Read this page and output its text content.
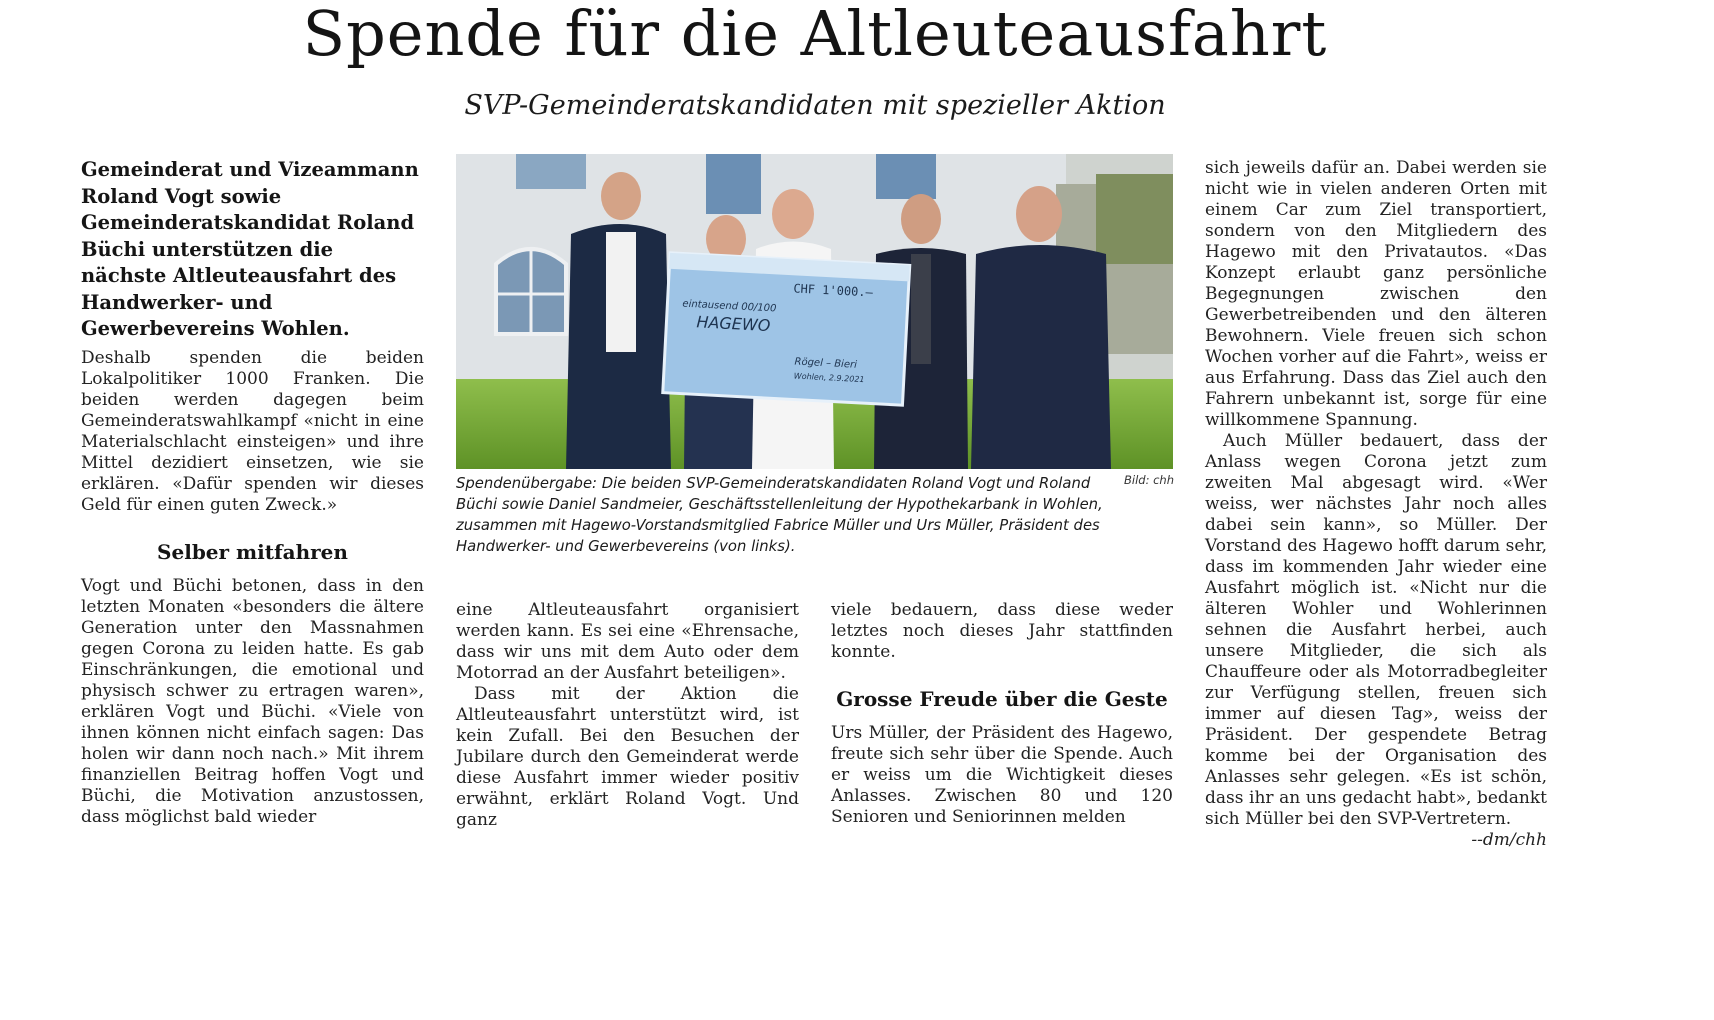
Spende für die Altleuteausfahrt
SVP-Gemeinderatskandidaten mit spezieller Aktion

Gemeinderat und Vizeammann Roland Vogt sowie Gemeinderatskandidat Roland Büchi unterstützen die nächste Altleuteausfahrt des Handwerker- und Gewerbevereins Wohlen.

Deshalb spenden die beiden Lokalpolitiker 1000 Franken. Die beiden werden dagegen beim Gemeinderatswahlkampf «nicht in eine Materialschlacht einsteigen» und ihre Mittel dezidiert einsetzen, wie sie erklären. «Dafür spenden wir dieses Geld für einen guten Zweck.»

Selber mitfahren

Vogt und Büchi betonen, dass in den letzten Monaten «besonders die ältere Generation unter den Massnahmen gegen Corona zu leiden hatte. Es gab Einschränkungen, die emotional und physisch schwer zu ertragen waren», erklären Vogt und Büchi. «Viele von ihnen können nicht einfach sagen: Das holen wir dann noch nach.» Mit ihrem finanziellen Beitrag hoffen Vogt und Büchi, die Motivation anzustossen, dass möglichst bald wieder

CHF 1'000.–
eintausend 00/100
HAGEWO
Rögel – Bieri
Wohlen, 2.9.2021
Bild: chh

Spendenübergabe: Die beiden SVP-Gemeinderatskandidaten Roland Vogt und Roland Büchi sowie Daniel Sandmeier, Geschäftsstellenleitung der Hypothekarbank in Wohlen, zusammen mit Hagewo-Vorstandsmitglied Fabrice Müller und Urs Müller, Präsident des Handwerker- und Gewerbevereins (von links).

eine Altleuteausfahrt organisiert werden kann. Es sei eine «Ehrensache, dass wir uns mit dem Auto oder dem Motorrad an der Ausfahrt beteiligen».

Dass mit der Aktion die Altleuteausfahrt unterstützt wird, ist kein Zufall. Bei den Besuchen der Jubilare durch den Gemeinderat werde diese Ausfahrt immer wieder positiv erwähnt, erklärt Roland Vogt. Und ganz

viele bedauern, dass diese weder letztes noch dieses Jahr stattfinden konnte.

Grosse Freude über die Geste

Urs Müller, der Präsident des Hagewo, freute sich sehr über die Spende. Auch er weiss um die Wichtigkeit dieses Anlasses. Zwischen 80 und 120 Senioren und Seniorinnen melden

sich jeweils dafür an. Dabei werden sie nicht wie in vielen anderen Orten mit einem Car zum Ziel transportiert, sondern von den Mitgliedern des Hagewo mit den Privatautos. «Das Konzept erlaubt ganz persönliche Begegnungen zwischen den Gewerbetreibenden und den älteren Bewohnern. Viele freuen sich schon Wochen vorher auf die Fahrt», weiss er aus Erfahrung. Dass das Ziel auch den Fahrern unbekannt ist, sorge für eine willkommene Spannung.

Auch Müller bedauert, dass der Anlass wegen Corona jetzt zum zweiten Mal abgesagt wird. «Wer weiss, wer nächstes Jahr noch alles dabei sein kann», so Müller. Der Vorstand des Hagewo hofft darum sehr, dass im kommenden Jahr wieder eine Ausfahrt möglich ist. «Nicht nur die älteren Wohler und Wohlerinnen sehnen die Ausfahrt herbei, auch unsere Mitglieder, die sich als Chauffeure oder als Motorradbegleiter zur Verfügung stellen, freuen sich immer auf diesen Tag», weiss der Präsident. Der gespendete Betrag komme bei der Organisation des Anlasses sehr gelegen. «Es ist schön, dass ihr an uns gedacht habt», bedankt sich Müller bei den SVP-Vertretern.
--dm/chh
